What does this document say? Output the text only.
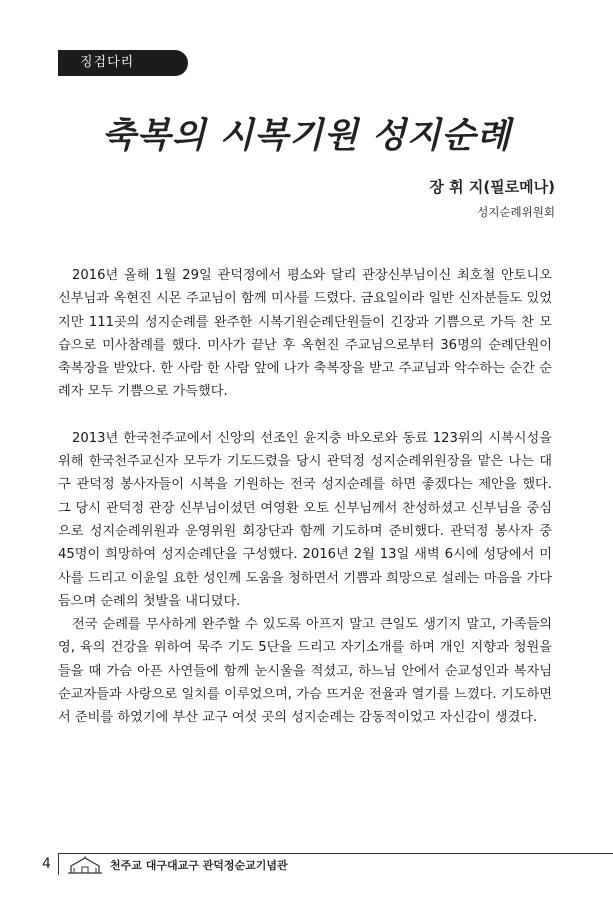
징검다리
축복의 시복기원 성지순례
장 휘 지(필로메나)
성지순례위원회

2016년 올해 1월 29일 관덕정에서 평소와 달리 관장신부님이신 최호철 안토니오 신부님과 옥현진 시몬 주교님이 함께 미사를 드렸다. 금요일이라 일반 신자분들도 있었지만 111곳의 성지순례를 완주한 시복기원순례단원들이 긴장과 기쁨으로 가득 찬 모습으로 미사참례를 했다. 미사가 끝난 후 옥현진 주교님으로부터 36명의 순례단원이 축복장을 받았다. 한 사람 한 사람 앞에 나가 축복장을 받고 주교님과 악수하는 순간 순례자 모두 기쁨으로 가득했다.

2013년 한국천주교에서 신앙의 선조인 윤지충 바오로와 동료 123위의 시복시성을 위해 한국천주교신자 모두가 기도드렸을 당시 관덕정 성지순례위원장을 맡은 나는 대구 관덕정 봉사자들이 시복을 기원하는 전국 성지순례를 하면 좋겠다는 제안을 했다. 그 당시 관덕정 관장 신부님이셨던 여영환 오토 신부님께서 찬성하셨고 신부님을 중심으로 성지순례위원과 운영위원 회장단과 함께 기도하며 준비했다. 관덕정 봉사자 중 45명이 희망하여 성지순례단을 구성했다. 2016년 2월 13일 새벽 6시에 성당에서 미사를 드리고 이윤일 요한 성인께 도움을 청하면서 기쁨과 희망으로 설레는 마음을 가다듬으며 순례의 첫발을 내디뎠다.

전국 순례를 무사하게 완주할 수 있도록 아프지 말고 큰일도 생기지 말고, 가족들의 영, 육의 건강을 위하여 묵주 기도 5단을 드리고 자기소개를 하며 개인 지향과 청원을 들을 때 가슴 아픈 사연들에 함께 눈시울을 적셨고, 하느님 안에서 순교성인과 복자님 순교자들과 사랑으로 일치를 이루었으며, 가슴 뜨거운 전율과 열기를 느꼈다. 기도하면서 준비를 하였기에 부산 교구 여섯 곳의 성지순례는 감동적이었고 자신감이 생겼다.

4	천주교 대구대교구 관덕정순교기념관
